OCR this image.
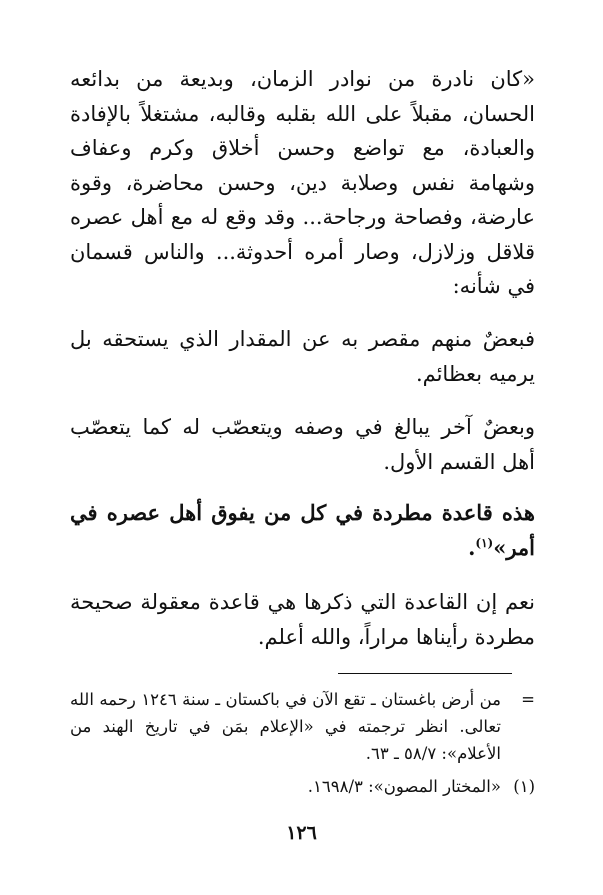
«كان نادرة من نوادر الزمان، وبديعة من بدائعه الحسان، مقبلاً على الله بقلبه وقالبه، مشتغلاً بالإفادة والعبادة، مع تواضع وحسن أخلاق وكرم وعفاف وشهامة نفس وصلابة دين، وحسن محاضرة، وقوة عارضة، وفصاحة ورجاحة... وقد وقع له مع أهل عصره قلاقل وزلازل، وصار أمره أحدوثة... والناس قسمان في شأنه:

فبعضٌ منهم مقصر به عن المقدار الذي يستحقه بل يرميه بعظائم.

وبعضٌ آخر يبالغ في وصفه ويتعصّب له كما يتعصّب أهل القسم الأول.

هذه قاعدة مطردة في كل من يفوق أهل عصره في أمر»$^{(١)}$.

نعم إن القاعدة التي ذكرها هي قاعدة معقولة صحيحة مطردة رأيناها مراراً، والله أعلم.

=
من أرض باغستان ـ تقع الآن في باكستان ـ سنة ١٢٤٦ رحمه الله تعالى. انظر ترجمته في «الإعلام بمَن في تاريخ الهند من الأعلام»: ٥٨/٧ ـ ٦٣.
(١)
«المختار المصون»: ١٦٩٨/٣.
١٢٦
